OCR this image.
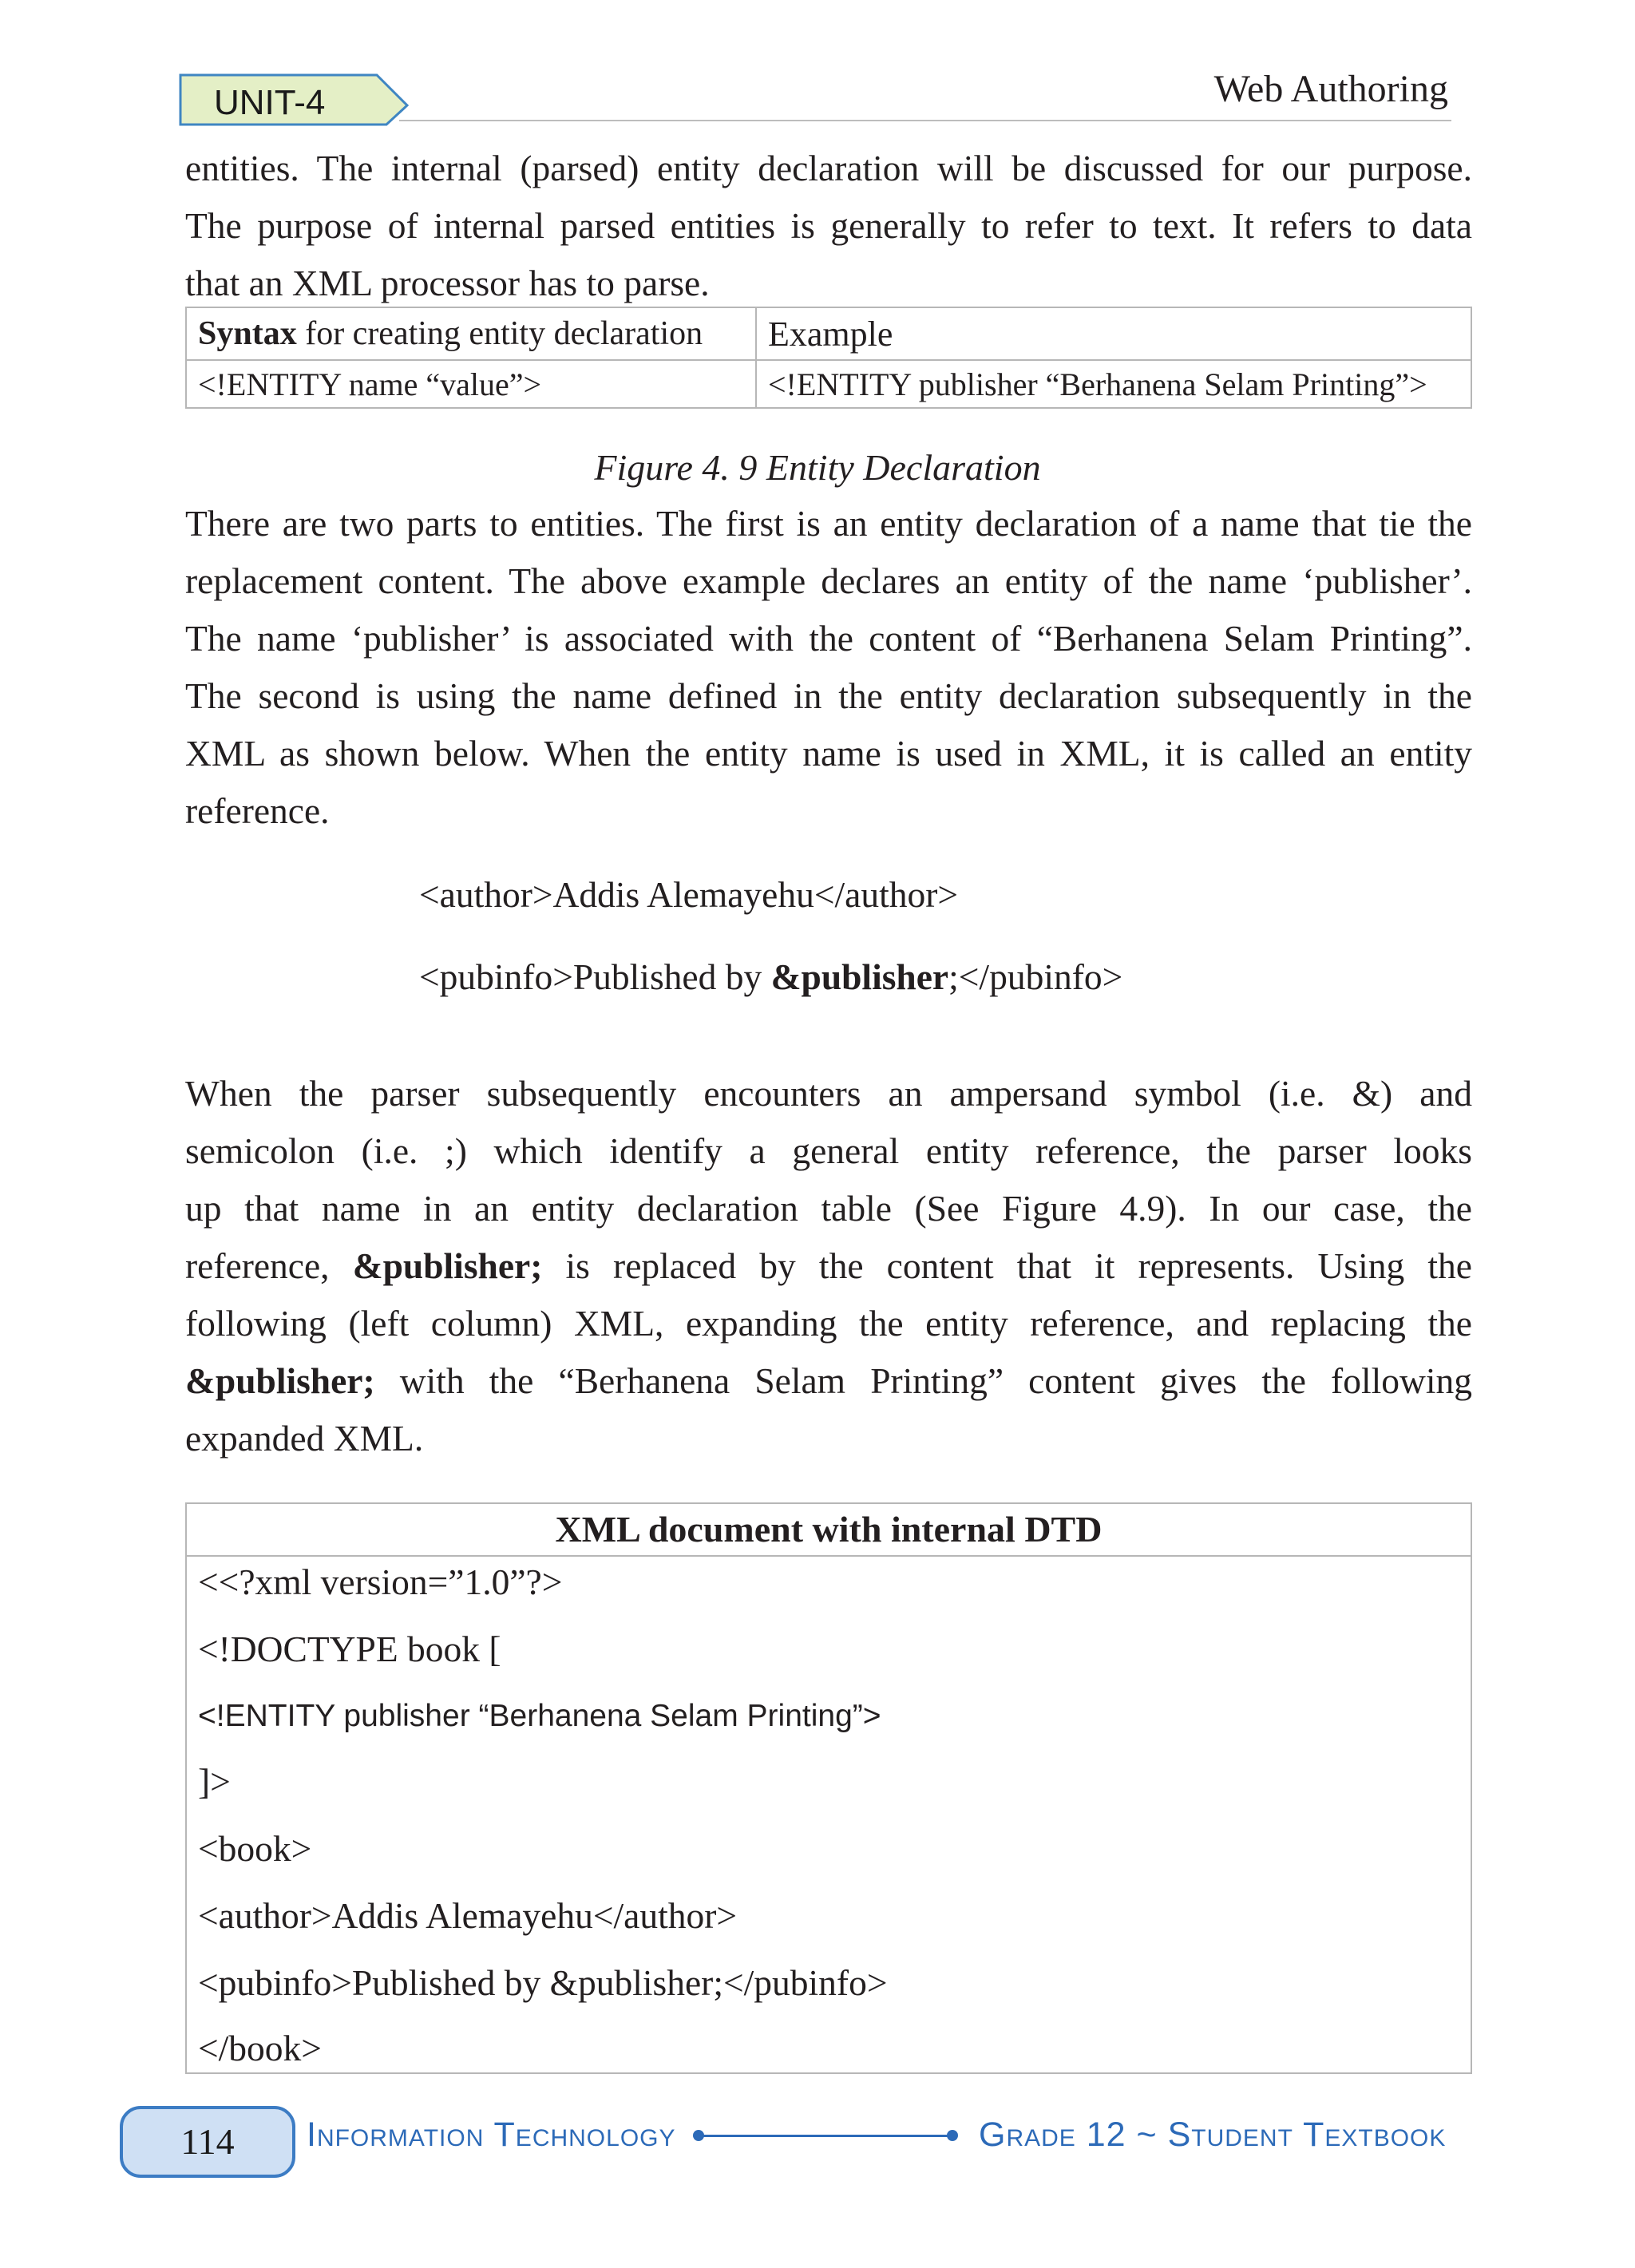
UNIT-4	Web Authoring
entities. The internal (parsed) entity declaration will be discussed for our purpose.
The purpose of internal parsed entities is generally to refer to text. It refers to data
that an XML processor has to parse.
Syntax for creating entity declaration	Example
<!ENTITY name “value”>	<!ENTITY publisher “Berhanena Selam Printing”>
Figure 4. 9 Entity Declaration
There are two parts to entities. The first is an entity declaration of a name that tie the
replacement content. The above example declares an entity of the name ‘publisher’.
The name ‘publisher’ is associated with the content of “Berhanena Selam Printing”.
The second is using the name defined in the entity declaration subsequently in the
XML as shown below. When the entity name is used in XML, it is called an entity
reference.
<author>Addis Alemayehu</author>
<pubinfo>Published by &publisher;</pubinfo>
When the parser subsequently encounters an ampersand symbol (i.e. &) and
semicolon (i.e. ;) which identify a general entity reference, the parser looks
up that name in an entity declaration table (See Figure 4.9). In our case, the
reference, &publisher; is replaced by the content that it represents. Using the
following (left column) XML, expanding the entity reference, and replacing the
&publisher; with the “Berhanena Selam Printing” content gives the following
expanded XML.
XML document with internal DTD
<<?xml version=”1.0”?>
<!DOCTYPE book [
<!ENTITY publisher “Berhanena Selam Printing”>
]>
<book>
<author>Addis Alemayehu</author>
<pubinfo>Published by &publisher;</pubinfo>
</book>
114	Information Technology	Grade 12 ~ Student Textbook
